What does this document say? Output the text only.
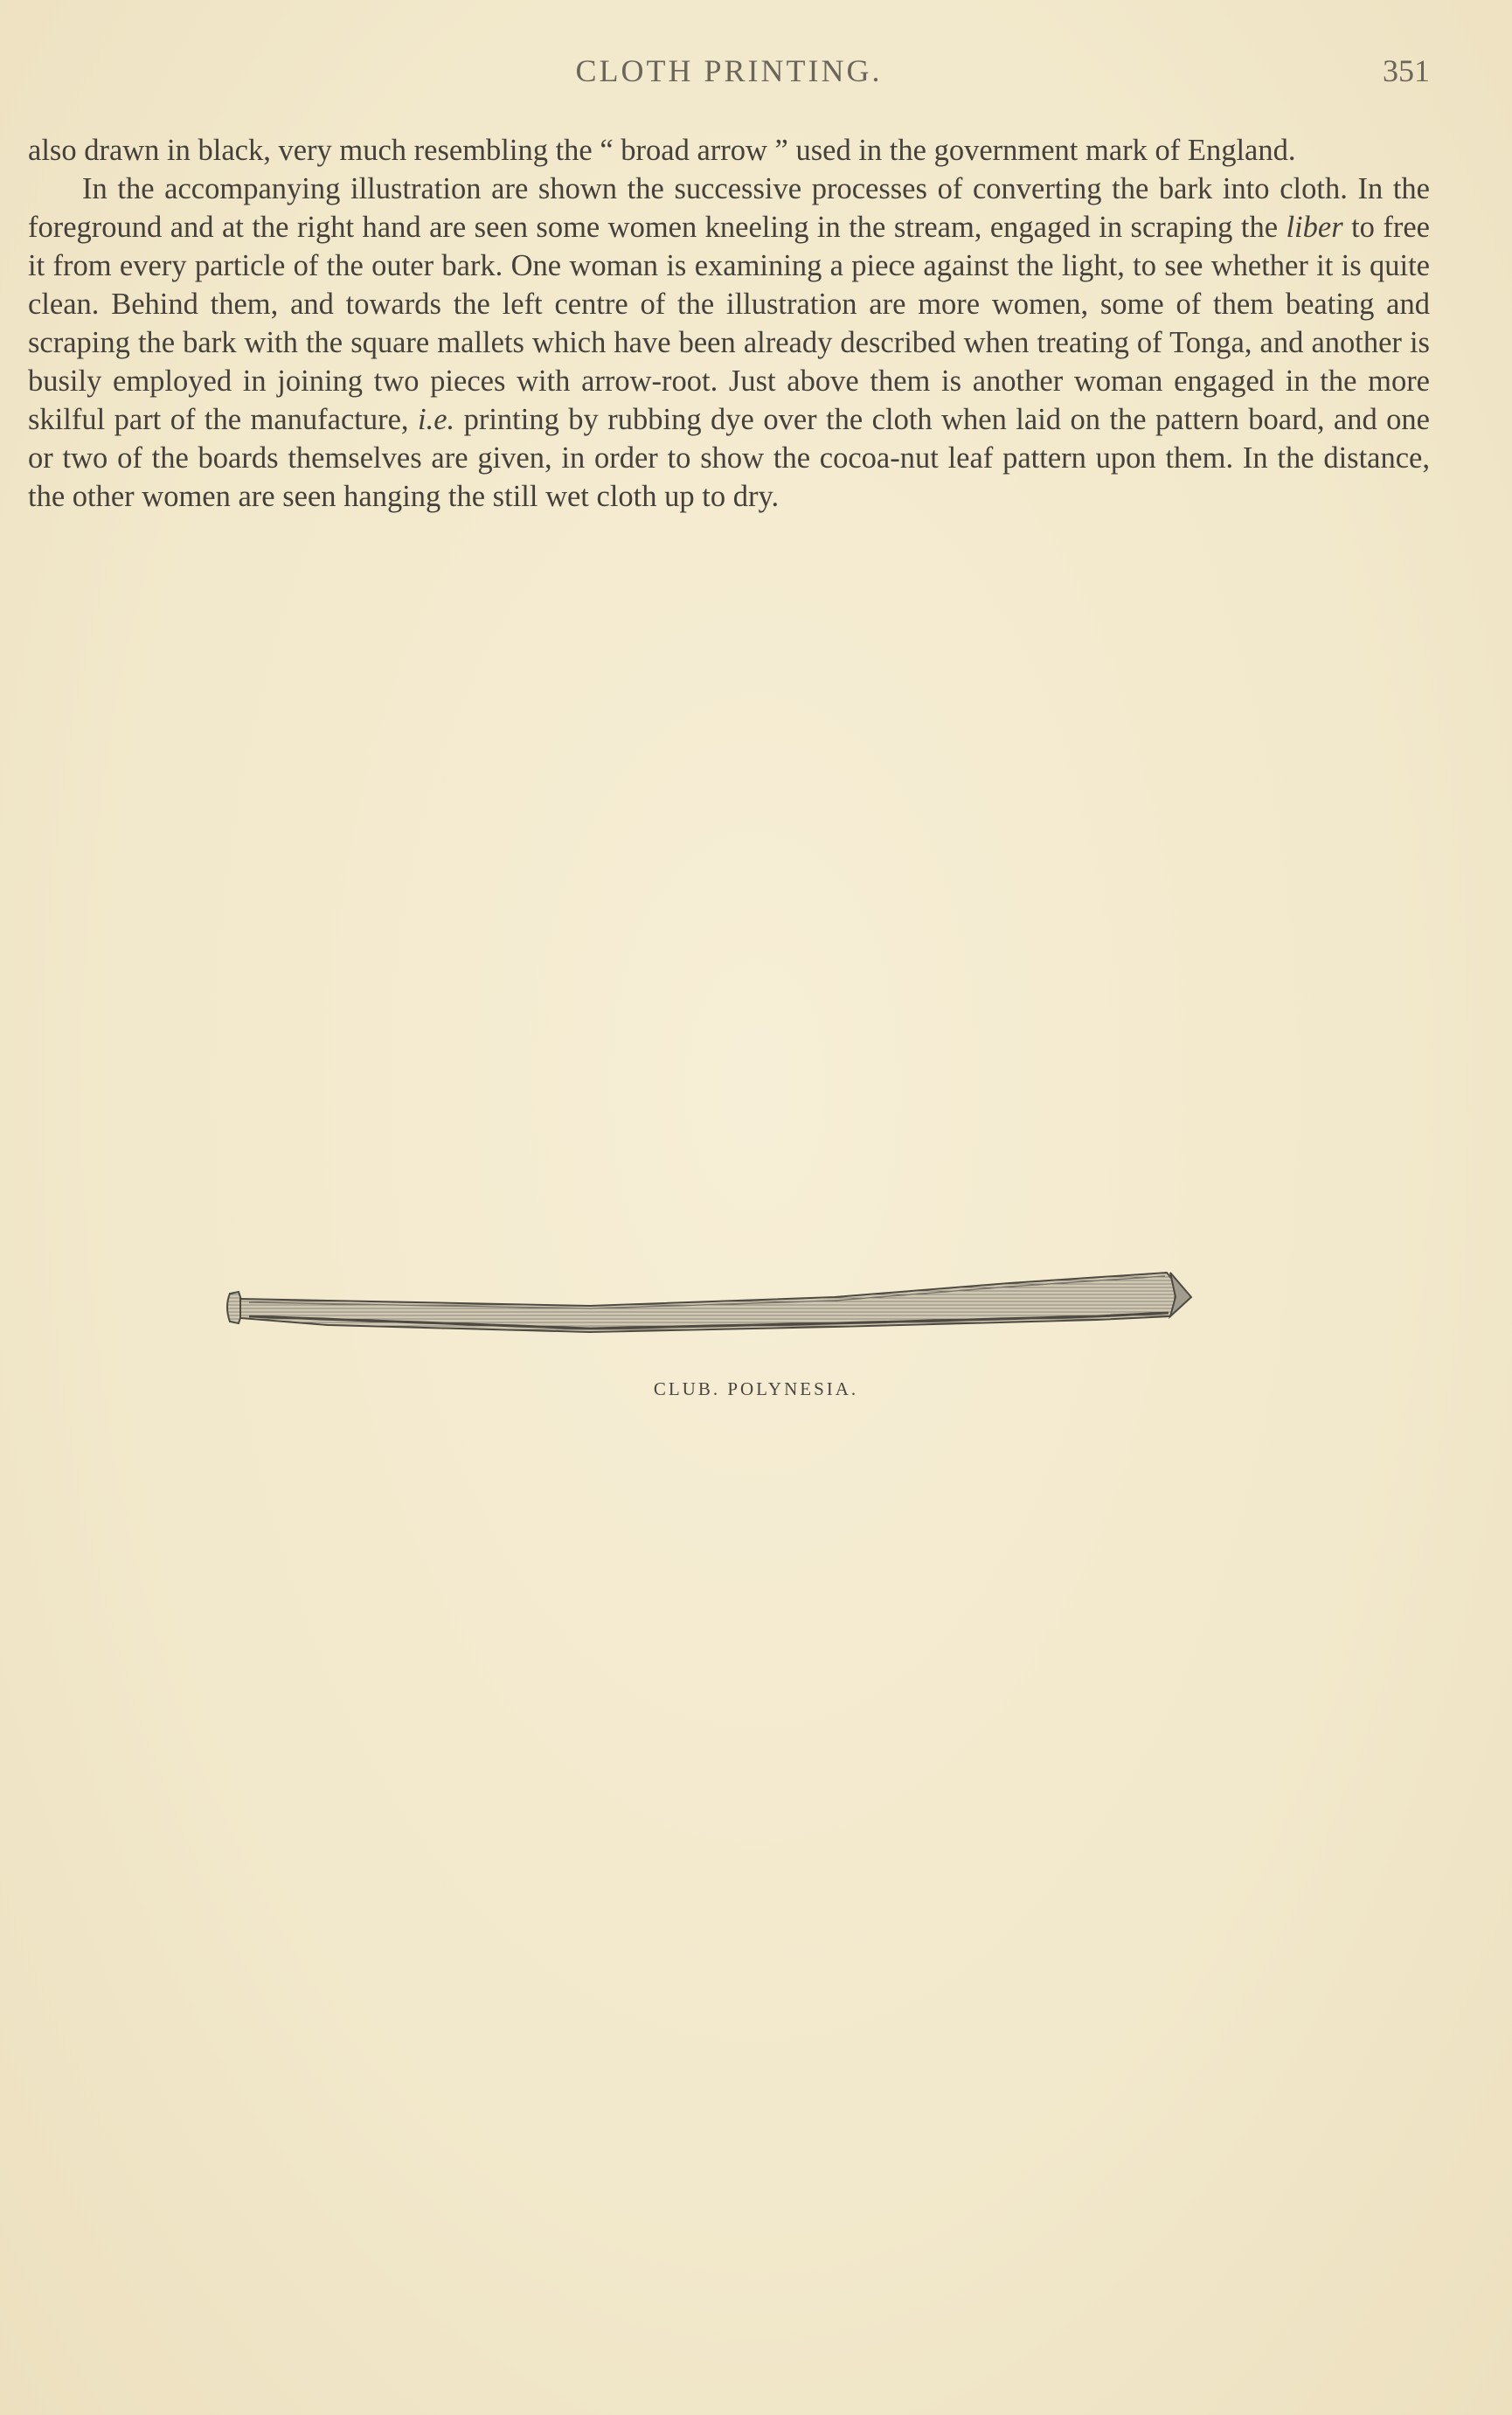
CLOTH PRINTING.	351

also drawn in black, very much resembling the “ broad arrow ” used in the government mark of England.

In the accompanying illustration are shown the successive processes of converting the bark into cloth. In the foreground and at the right hand are seen some women kneeling in the stream, engaged in scraping the liber to free it from every particle of the outer bark. One woman is examining a piece against the light, to see whether it is quite clean. Behind them, and towards the left centre of the illustration are more women, some of them beating and scraping the bark with the square mallets which have been already described when treating of Tonga, and another is busily employed in joining two pieces with arrow-root. Just above them is another woman engaged in the more skilful part of the manufacture, i.e. printing by rubbing dye over the cloth when laid on the pattern board, and one or two of the boards themselves are given, in order to show the cocoa-nut leaf pattern upon them. In the distance, the other women are seen hanging the still wet cloth up to dry.

CLUB. POLYNESIA.
